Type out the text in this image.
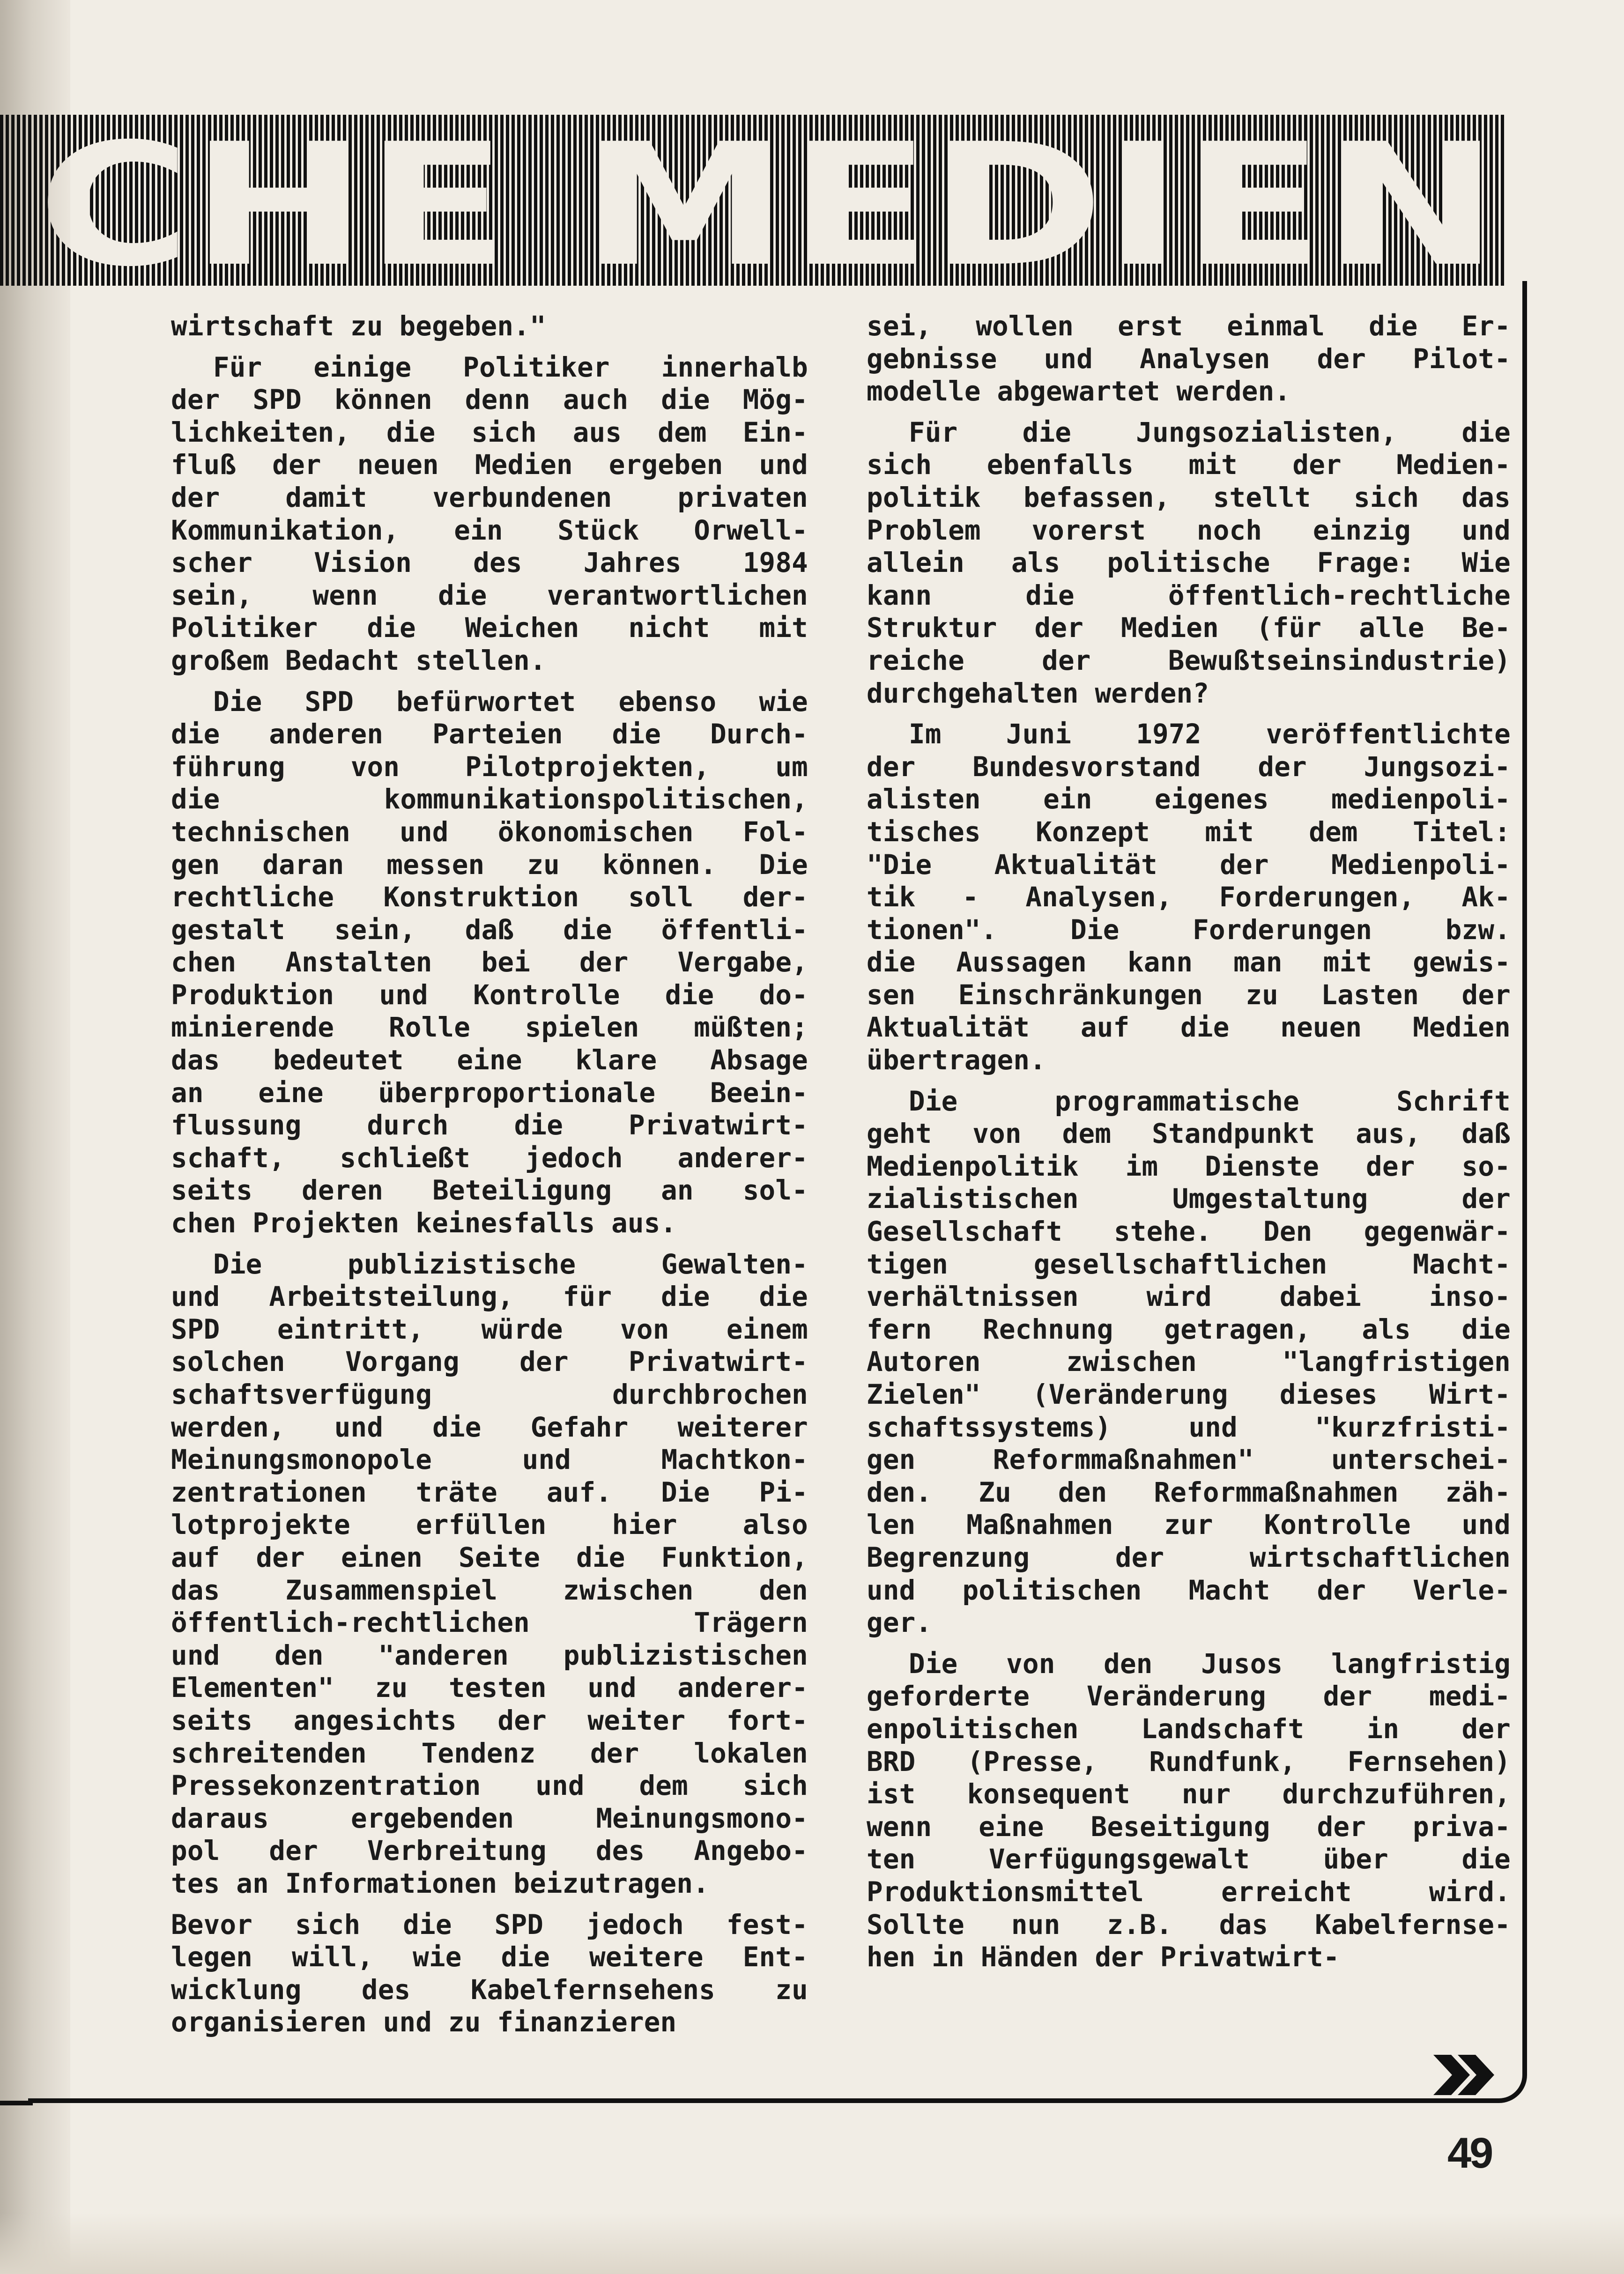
wirtschaft zu begeben."

Für einige Politiker innerhalb
der SPD können denn auch die Mög-
lichkeiten, die sich aus dem Ein-
fluß der neuen Medien ergeben und
der damit verbundenen privaten
Kommunikation, ein Stück Orwell-
scher Vision des Jahres 1984
sein, wenn die verantwortlichen
Politiker die Weichen nicht mit
großem Bedacht stellen.

Die SPD befürwortet ebenso wie
die anderen Parteien die Durch-
führung von Pilotprojekten, um
die kommunikationspolitischen,
technischen und ökonomischen Fol-
gen daran messen zu können. Die
rechtliche Konstruktion soll der-
gestalt sein, daß die öffentli-
chen Anstalten bei der Vergabe,
Produktion und Kontrolle die do-
minierende Rolle spielen müßten;
das bedeutet eine klare Absage
an eine überproportionale Beein-
flussung durch die Privatwirt-
schaft, schließt jedoch anderer-
seits deren Beteiligung an sol-
chen Projekten keinesfalls aus.

Die publizistische Gewalten-
und Arbeitsteilung, für die die
SPD eintritt, würde von einem
solchen Vorgang der Privatwirt-
schaftsverfügung durchbrochen
werden, und die Gefahr weiterer
Meinungsmonopole und Machtkon-
zentrationen träte auf. Die Pi-
lotprojekte erfüllen hier also
auf der einen Seite die Funktion,
das Zusammenspiel zwischen den
öffentlich-rechtlichen Trägern
und den "anderen publizistischen
Elementen" zu testen und anderer-
seits angesichts der weiter fort-
schreitenden Tendenz der lokalen
Pressekonzentration und dem sich
daraus ergebenden Meinungsmono-
pol der Verbreitung des Angebo-
tes an Informationen beizutragen.

Bevor sich die SPD jedoch fest-
legen will, wie die weitere Ent-
wicklung des Kabelfernsehens zu
organisieren und zu finanzieren

sei, wollen erst einmal die Er-
gebnisse und Analysen der Pilot-
modelle abgewartet werden.

Für die Jungsozialisten, die
sich ebenfalls mit der Medien-
politik befassen, stellt sich das
Problem vorerst noch einzig und
allein als politische Frage: Wie
kann die öffentlich-rechtliche
Struktur der Medien (für alle Be-
reiche der Bewußtseinsindustrie)
durchgehalten werden?

Im Juni 1972 veröffentlichte
der Bundesvorstand der Jungsozi-
alisten ein eigenes medienpoli-
tisches Konzept mit dem Titel:
"Die Aktualität der Medienpoli-
tik - Analysen, Forderungen, Ak-
tionen". Die Forderungen bzw.
die Aussagen kann man mit gewis-
sen Einschränkungen zu Lasten der
Aktualität auf die neuen Medien
übertragen.

Die programmatische Schrift
geht von dem Standpunkt aus, daß
Medienpolitik im Dienste der so-
zialistischen Umgestaltung der
Gesellschaft stehe. Den gegenwär-
tigen gesellschaftlichen Macht-
verhältnissen wird dabei inso-
fern Rechnung getragen, als die
Autoren zwischen "langfristigen
Zielen" (Veränderung dieses Wirt-
schaftssystems) und "kurzfristi-
gen Reformmaßnahmen" unterschei-
den. Zu den Reformmaßnahmen zäh-
len Maßnahmen zur Kontrolle und
Begrenzung der wirtschaftlichen
und politischen Macht der Verle-
ger.

Die von den Jusos langfristig
geforderte Veränderung der medi-
enpolitischen Landschaft in der
BRD (Presse, Rundfunk, Fernsehen)
ist konsequent nur durchzuführen,
wenn eine Beseitigung der priva-
ten Verfügungsgewalt über die
Produktionsmittel erreicht wird.
Sollte nun z.B. das Kabelfernse-
hen in Händen der Privatwirt-

49
